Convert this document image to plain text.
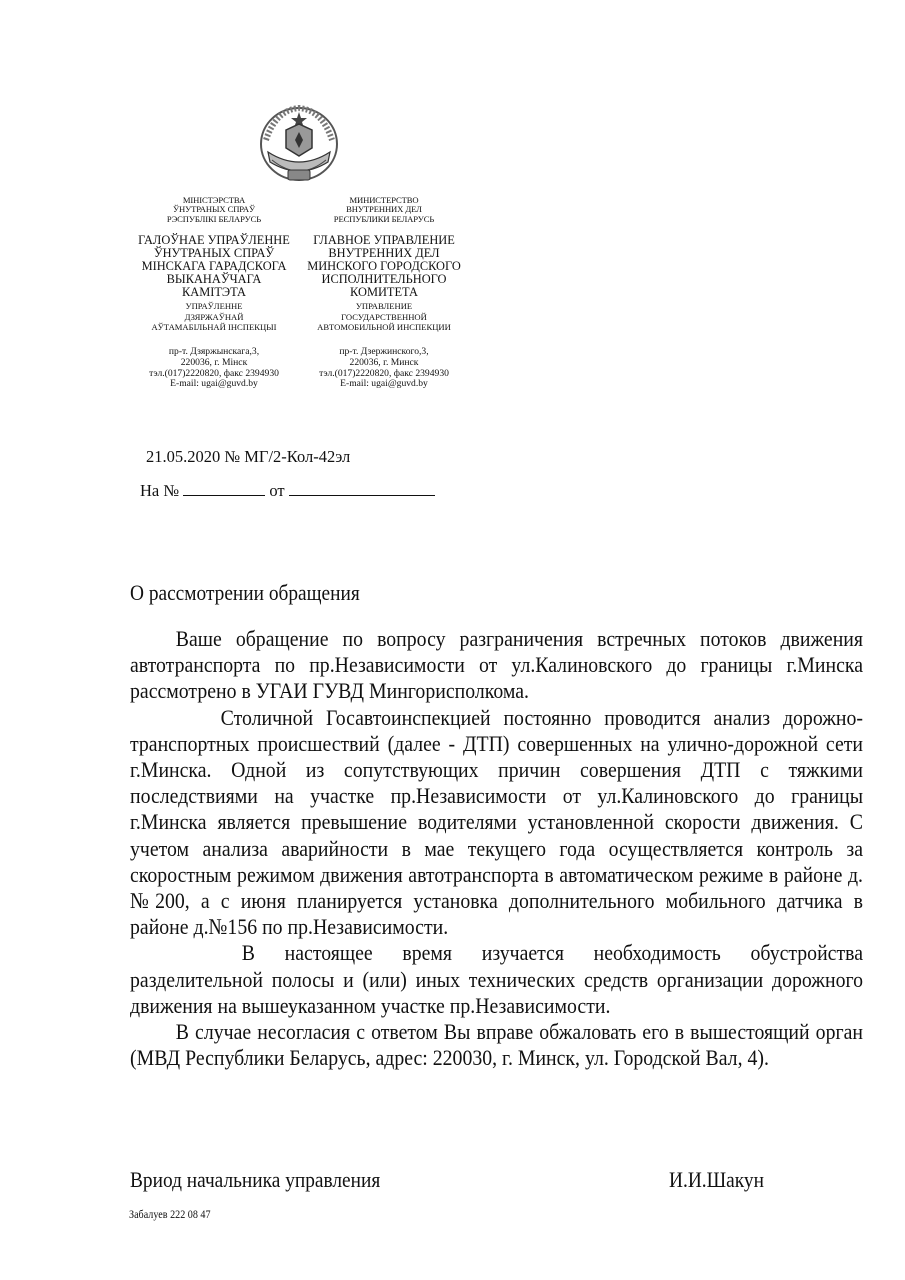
МІНІСТЭРСТВА
ЎНУТРАНЫХ СПРАЎ
РЭСПУБЛІКІ БЕЛАРУСЬ
ГАЛОЎНАЕ УПРАЎЛЕННЕ
ЎНУТРАНЫХ СПРАЎ
МІНСКАГА ГАРАДСКОГА
ВЫКАНАЎЧАГА
КАМІТЭТА
УПРАЎЛЕННЕ
ДЗЯРЖАЎНАЙ
АЎТАМАБІЛЬНАЙ ІНСПЕКЦЫІ
пр-т. Дзяржынскага,3,
220036, г. Мінск
тэл.(017)2220820, факс 2394930
E-mail: ugai@guvd.by
МИНИСТЕРСТВО
ВНУТРЕННИХ ДЕЛ
РЕСПУБЛИКИ БЕЛАРУСЬ
ГЛАВНОЕ УПРАВЛЕНИЕ
ВНУТРЕННИХ ДЕЛ
МИНСКОГО ГОРОДСКОГО
ИСПОЛНИТЕЛЬНОГО
КОМИТЕТА
УПРАВЛЕНИЕ
ГОСУДАРСТВЕННОЙ
АВТОМОБИЛЬНОЙ ИНСПЕКЦИИ
пр-т. Дзержинского,3,
220036, г. Минск
тэл.(017)2220820, факс 2394930
E-mail: ugai@guvd.by
21.05.2020 № МГ/2-Кол-42эл
На №	от
О рассмотрении обращения

Ваше обращение по вопросу разграничения встречных потоков движения автотранспорта по пр.Независимости от ул.Калиновского до границы г.Минска рассмотрено в УГАИ ГУВД Мингорисполкома.

Столичной Госавтоинспекцией постоянно проводится анализ дорожно-транспортных происшествий (далее - ДТП) совершенных на улично-дорожной сети г.Минска. Одной из сопутствующих причин совершения ДТП с тяжкими последствиями на участке пр.Независимости от ул.Калиновского до границы г.Минска является превышение водителями установленной скорости движения. С учетом анализа аварийности в мае текущего года осуществляется контроль за скоростным режимом движения автотранспорта в автоматическом режиме в районе д. №200, а с июня планируется установка дополнительного мобильного датчика в районе д.№156 по пр.Независимости.

В настоящее время изучается необходимость обустройства разделительной полосы и (или) иных технических средств организации дорожного движения на вышеуказанном участке пр.Независимости.

В случае несогласия с ответом Вы вправе обжаловать его в вышестоящий орган (МВД Республики Беларусь, адрес: 220030, г. Минск, ул. Городской Вал, 4).

Вриод начальника управления	И.И.Шакун
Забалуев 222 08 47
